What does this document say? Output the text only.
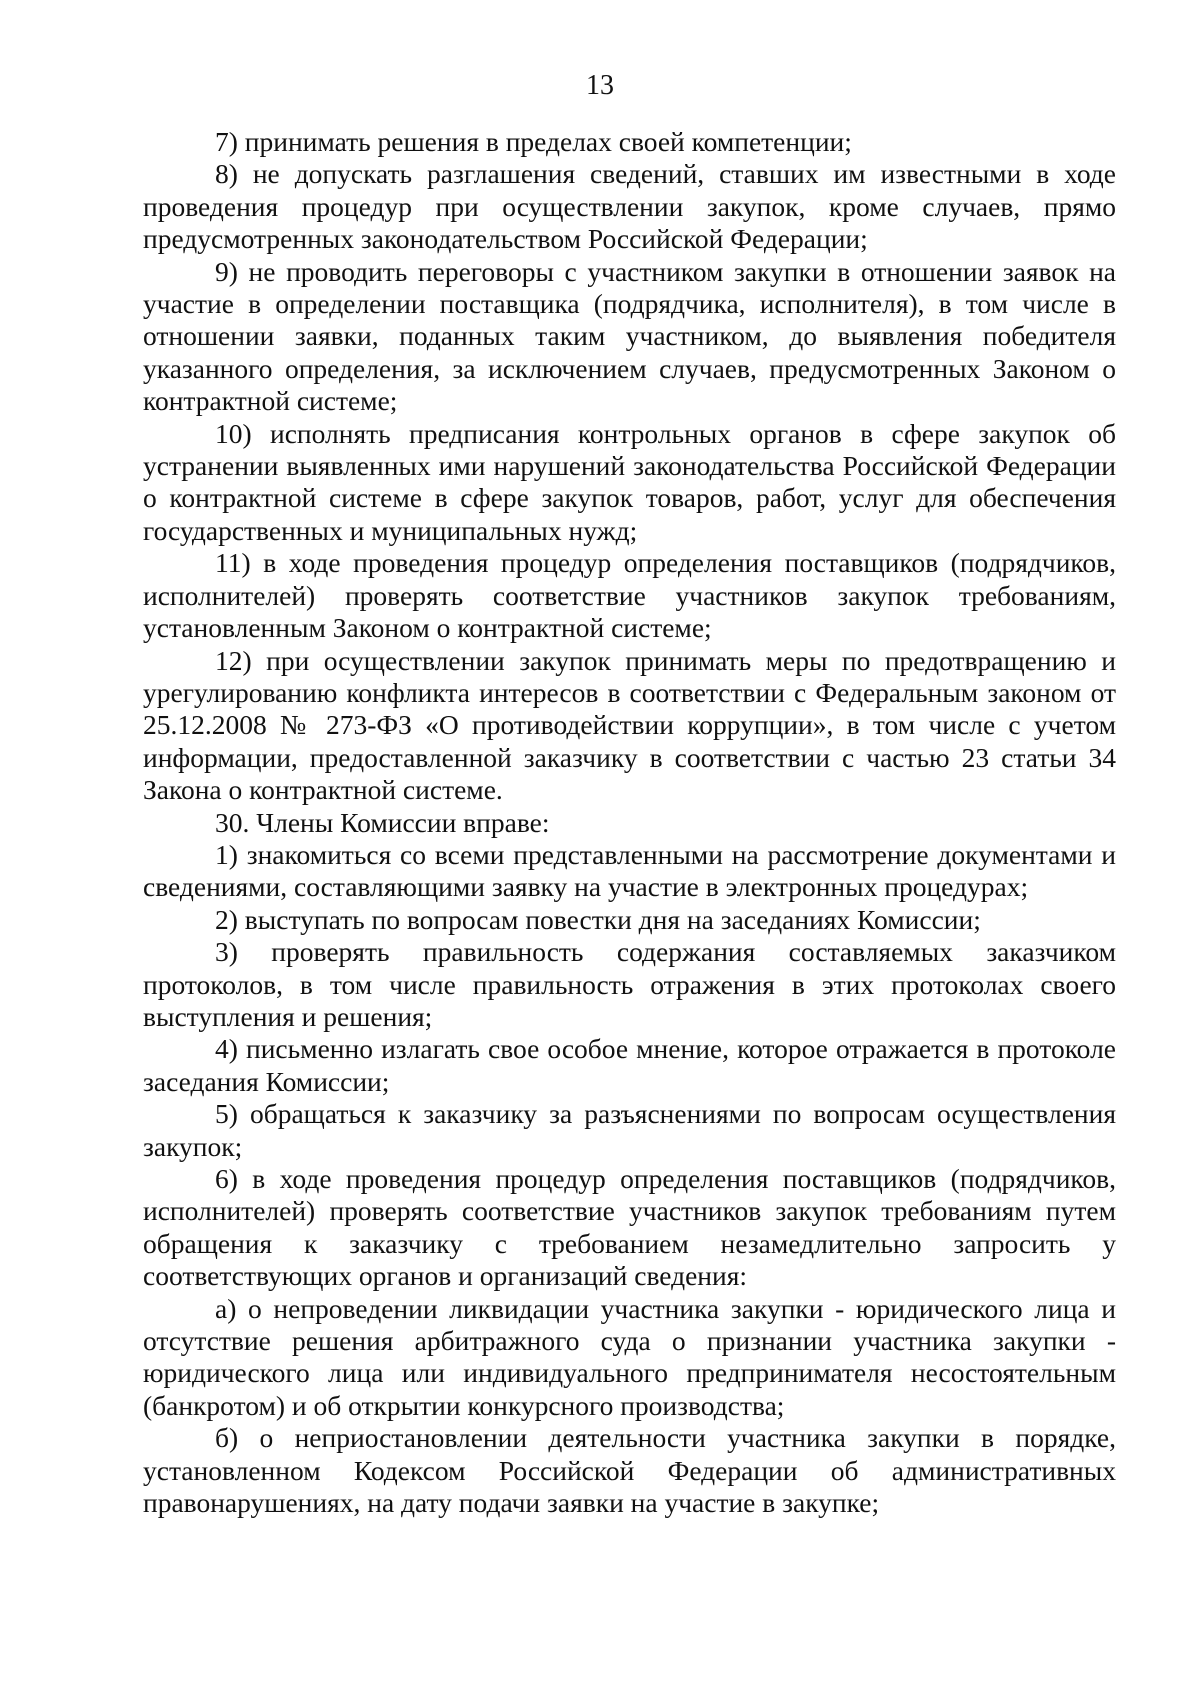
13

7) принимать решения в пределах своей компетенции;

8) не допускать разглашения сведений, ставших им известными в ходе проведения процедур при осуществлении закупок, кроме случаев, прямо предусмотренных законодательством Российской Федерации;

9) не проводить переговоры с участником закупки в отношении заявок на участие в определении поставщика (подрядчика, исполнителя), в том числе в отношении заявки, поданных таким участником, до выявления победителя указанного определения, за исключением случаев, предусмотренных Законом о контрактной системе;

10) исполнять предписания контрольных органов в сфере закупок об устранении выявленных ими нарушений законодательства Российской Федерации о контрактной системе в сфере закупок товаров, работ, услуг для обеспечения государственных и муниципальных нужд;

11) в ходе проведения процедур определения поставщиков (подрядчиков, исполнителей) проверять соответствие участников закупок требованиям, установленным Законом о контрактной системе;

12) при осуществлении закупок принимать меры по предотвращению и урегулированию конфликта интересов в соответствии с Федеральным законом от 25.12.2008 № 273-ФЗ «О противодействии коррупции», в том числе с учетом информации, предоставленной заказчику в соответствии с частью 23 статьи 34 Закона о контрактной системе.

30. Члены Комиссии вправе:

1) знакомиться со всеми представленными на рассмотрение документами и сведениями, составляющими заявку на участие в электронных процедурах;

2) выступать по вопросам повестки дня на заседаниях Комиссии;

3) проверять правильность содержания составляемых заказчиком протоколов, в том числе правильность отражения в этих протоколах своего выступления и решения;

4) письменно излагать свое особое мнение, которое отражается в протоколе заседания Комиссии;

5) обращаться к заказчику за разъяснениями по вопросам осуществления закупок;

6) в ходе проведения процедур определения поставщиков (подрядчиков, исполнителей) проверять соответствие участников закупок требованиям путем обращения к заказчику с требованием незамедлительно запросить у соответствующих органов и организаций сведения:

а) о непроведении ликвидации участника закупки - юридического лица и отсутствие решения арбитражного суда о признании участника закупки - юридического лица или индивидуального предпринимателя несостоятельным (банкротом) и об открытии конкурсного производства;

б) о неприостановлении деятельности участника закупки в порядке, установленном Кодексом Российской Федерации об административных правонарушениях, на дату подачи заявки на участие в закупке;
